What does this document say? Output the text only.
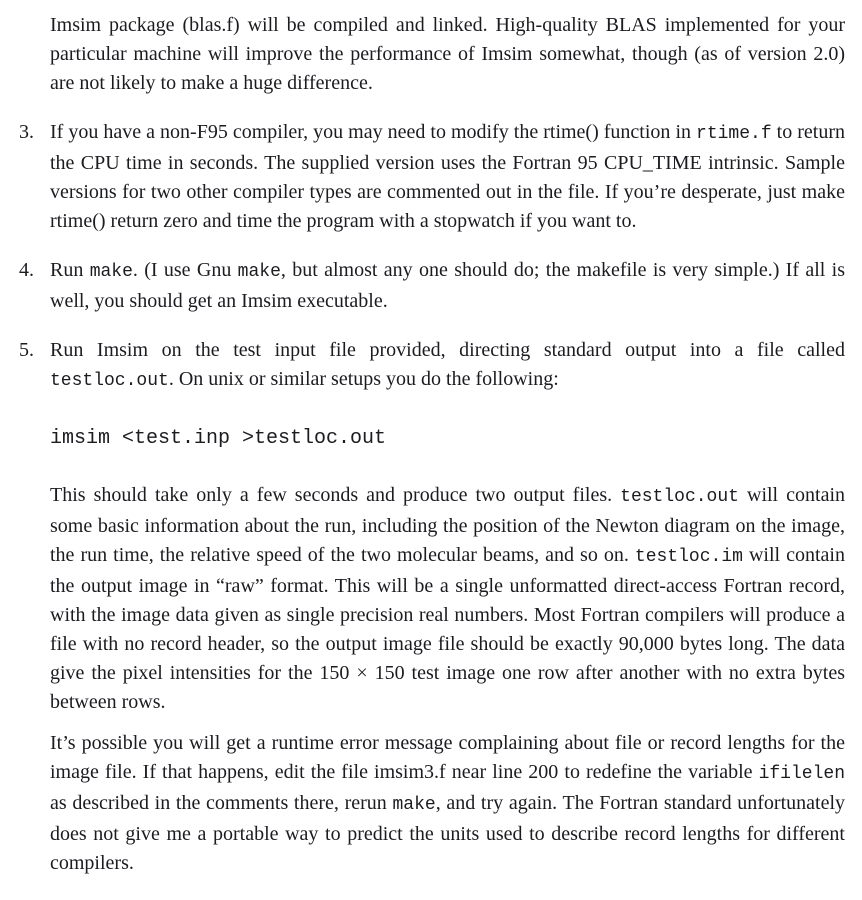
Imsim package (blas.f) will be compiled and linked. High-quality BLAS implemented for your particular machine will improve the performance of Imsim somewhat, though (as of version 2.0) are not likely to make a huge difference.

3. If you have a non-F95 compiler, you may need to modify the rtime() function in rtime.f to return the CPU time in seconds. The supplied version uses the Fortran 95 CPU_TIME intrinsic. Sample versions for two other compiler types are commented out in the file. If you’re desperate, just make rtime() return zero and time the program with a stopwatch if you want to.

4. Run make. (I use Gnu make, but almost any one should do; the makefile is very simple.) If all is well, you should get an Imsim executable.

5. Run Imsim on the test input file provided, directing standard output into a file called testloc.out. On unix or similar setups you do the following:

imsim <test.inp >testloc.out

This should take only a few seconds and produce two output files. testloc.out will contain some basic information about the run, including the position of the Newton diagram on the image, the run time, the relative speed of the two molecular beams, and so on. testloc.im will contain the output image in “raw” format. This will be a single unformatted direct-access Fortran record, with the image data given as single precision real numbers. Most Fortran compilers will produce a file with no record header, so the output image file should be exactly 90,000 bytes long. The data give the pixel intensities for the 150 × 150 test image one row after another with no extra bytes between rows.

It’s possible you will get a runtime error message complaining about file or record lengths for the image file. If that happens, edit the file imsim3.f near line 200 to redefine the variable ifilelen as described in the comments there, rerun make, and try again. The Fortran standard unfortunately does not give me a portable way to predict the units used to describe record lengths for different compilers.
